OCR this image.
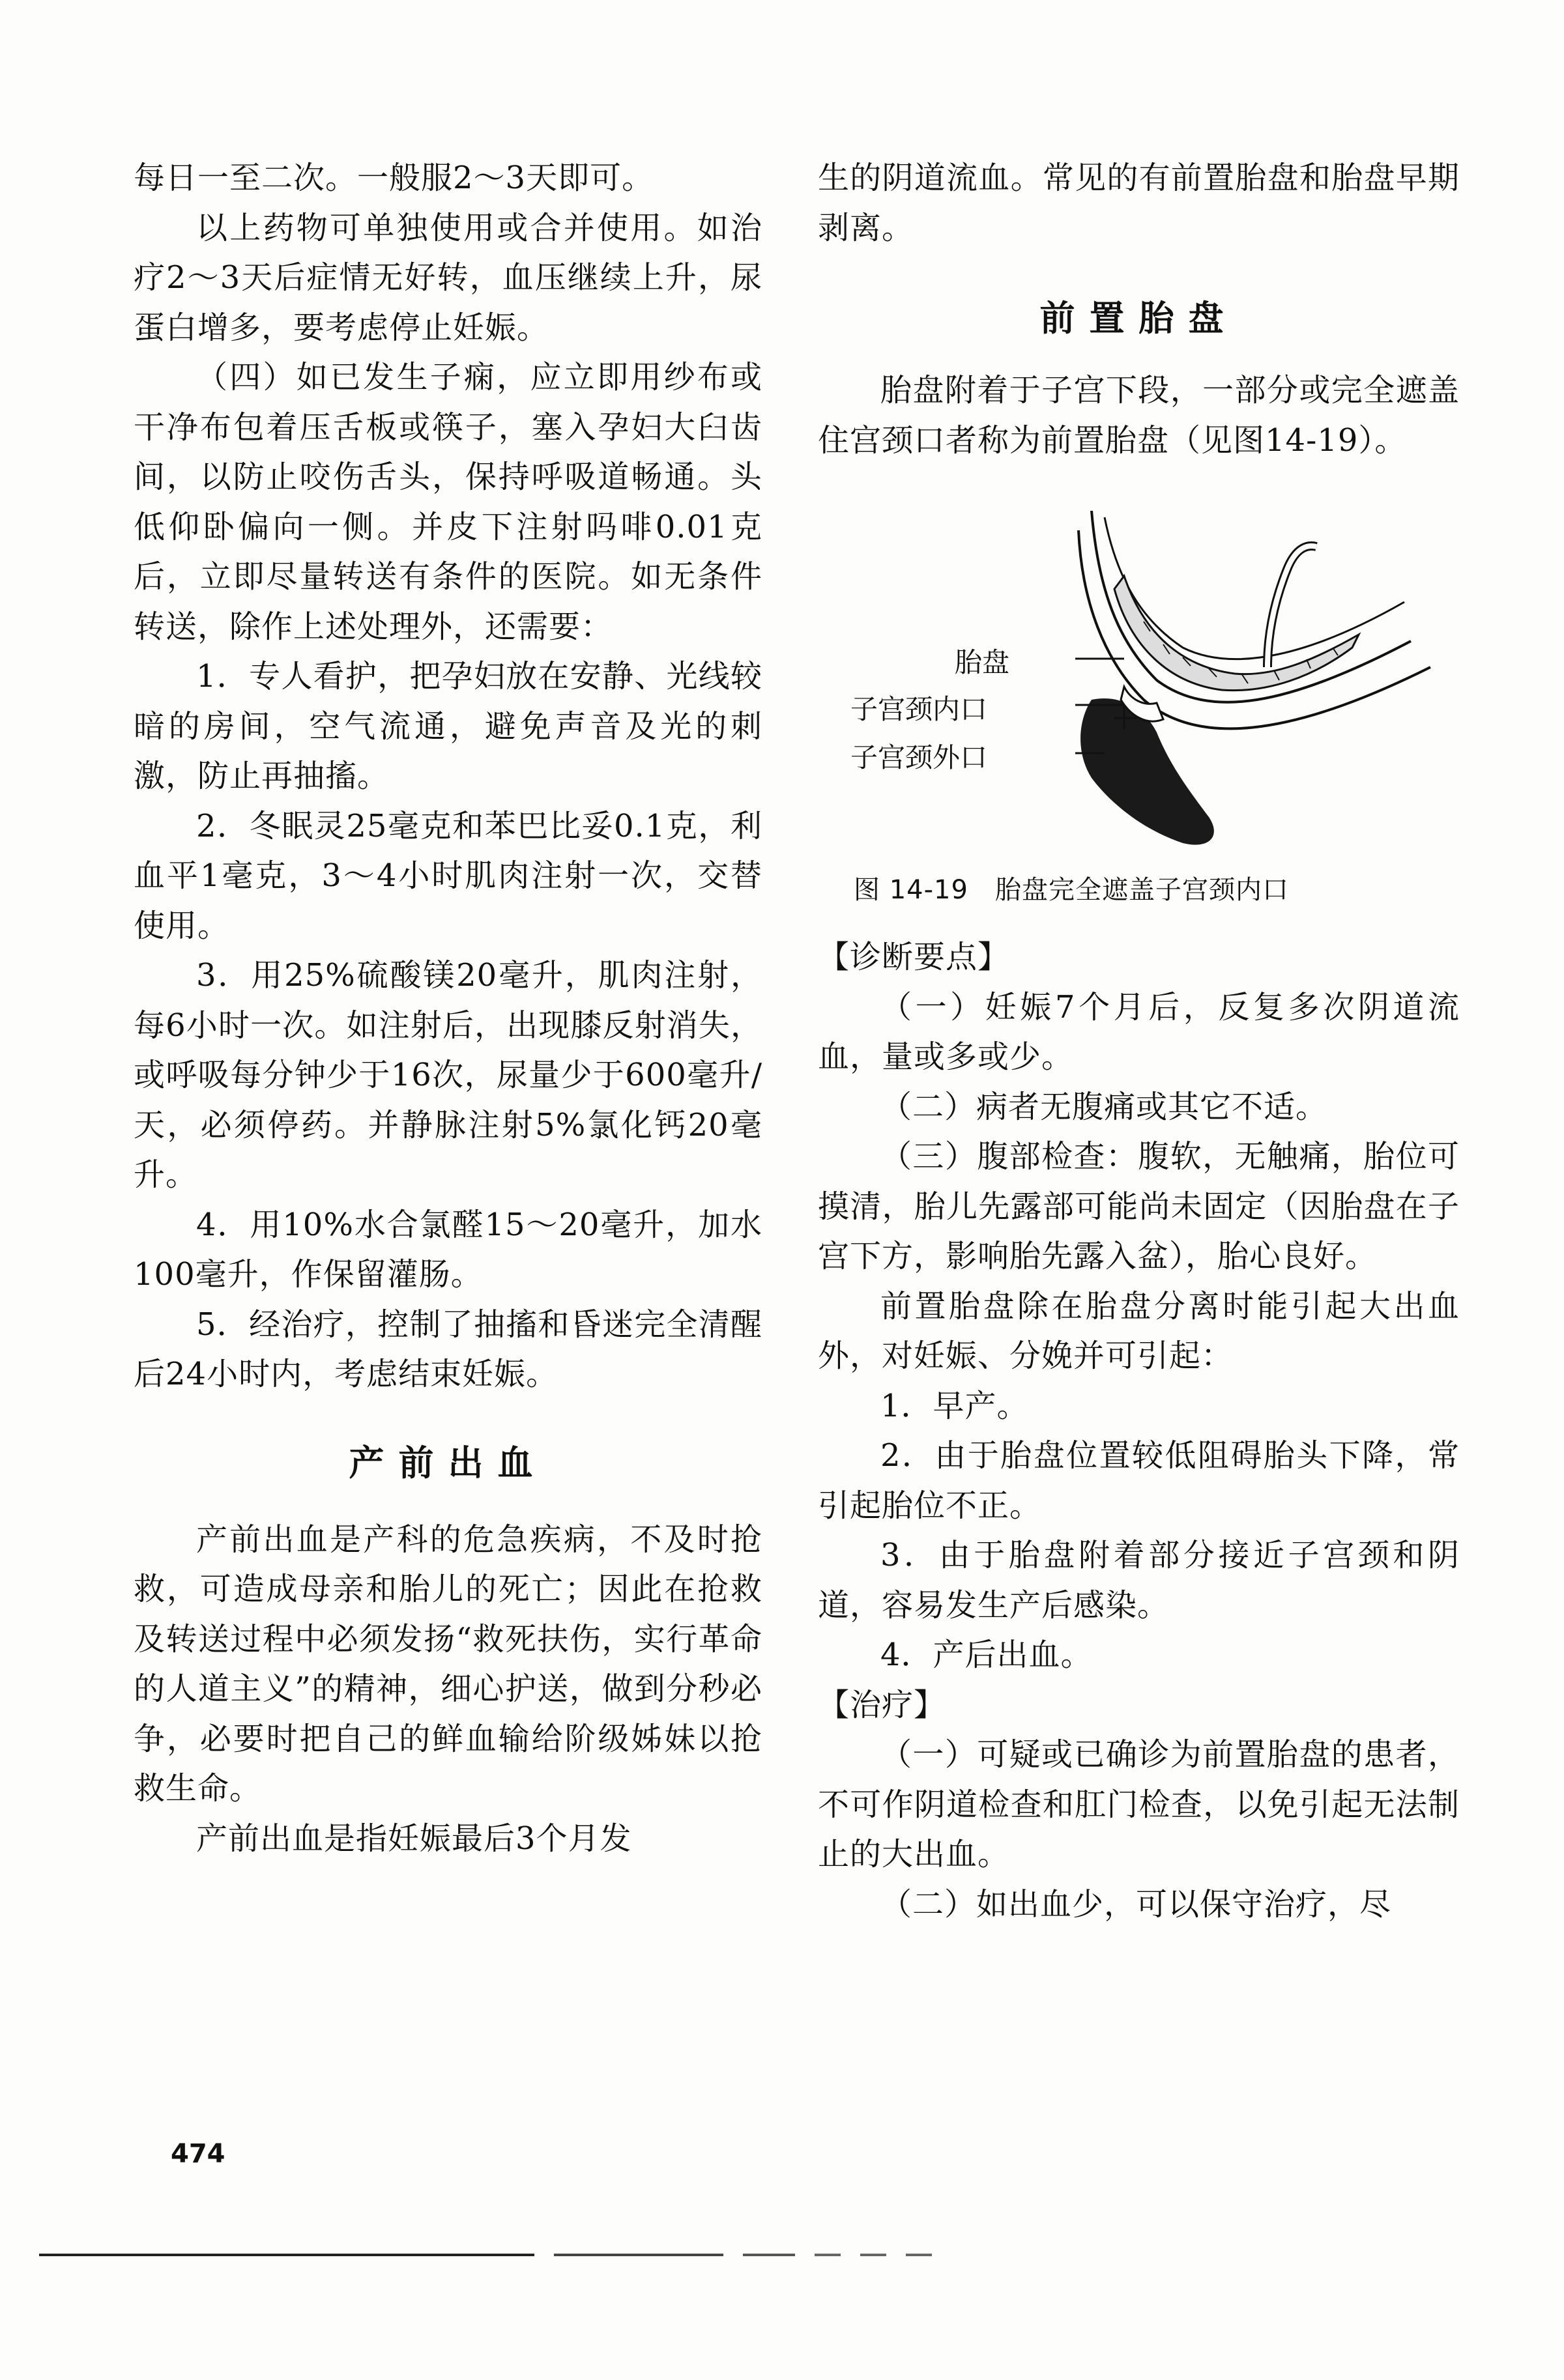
每日一至二次。一般服2～3天即可。

以上药物可单独使用或合并使用。如治疗2～3天后症情无好转，血压继续上升，尿蛋白增多，要考虑停止妊娠。

（四）如已发生子痫，应立即用纱布或干净布包着压舌板或筷子，塞入孕妇大臼齿间，以防止咬伤舌头，保持呼吸道畅通。头低仰卧偏向一侧。并皮下注射吗啡0.01克后，立即尽量转送有条件的医院。如无条件转送，除作上述处理外，还需要：

1．专人看护，把孕妇放在安静、光线较暗的房间，空气流通，避免声音及光的刺激，防止再抽搐。

2．冬眠灵25毫克和苯巴比妥0.1克，利血平1毫克，3～4小时肌肉注射一次，交替使用。

3．用25%硫酸镁20毫升，肌肉注射，每6小时一次。如注射后，出现膝反射消失，或呼吸每分钟少于16次，尿量少于600毫升/天，必须停药。并静脉注射5%氯化钙20毫升。

4．用10%水合氯醛15～20毫升，加水100毫升，作保留灌肠。

5．经治疗，控制了抽搐和昏迷完全清醒后24小时内，考虑结束妊娠。

产前出血

产前出血是产科的危急疾病，不及时抢救，可造成母亲和胎儿的死亡；因此在抢救及转送过程中必须发扬“救死扶伤，实行革命的人道主义”的精神，细心护送，做到分秒必争，必要时把自己的鲜血输给阶级姊妹以抢救生命。

产前出血是指妊娠最后3个月发

生的阴道流血。常见的有前置胎盘和胎盘早期剥离。

前置胎盘

胎盘附着于子宫下段，一部分或完全遮盖住宫颈口者称为前置胎盘（见图14-19）。

胎盘
子宫颈内口
子宫颈外口
图 14-19　胎盘完全遮盖子宫颈内口

【诊断要点】

（一）妊娠7个月后，反复多次阴道流血，量或多或少。

（二）病者无腹痛或其它不适。

（三）腹部检查：腹软，无触痛，胎位可摸清，胎儿先露部可能尚未固定（因胎盘在子宫下方，影响胎先露入盆），胎心良好。

前置胎盘除在胎盘分离时能引起大出血外，对妊娠、分娩并可引起：

1．早产。

2．由于胎盘位置较低阻碍胎头下降，常引起胎位不正。

3．由于胎盘附着部分接近子宫颈和阴道，容易发生产后感染。

4．产后出血。

【治疗】

（一）可疑或已确诊为前置胎盘的患者，不可作阴道检查和肛门检查，以免引起无法制止的大出血。

（二）如出血少，可以保守治疗，尽

474
